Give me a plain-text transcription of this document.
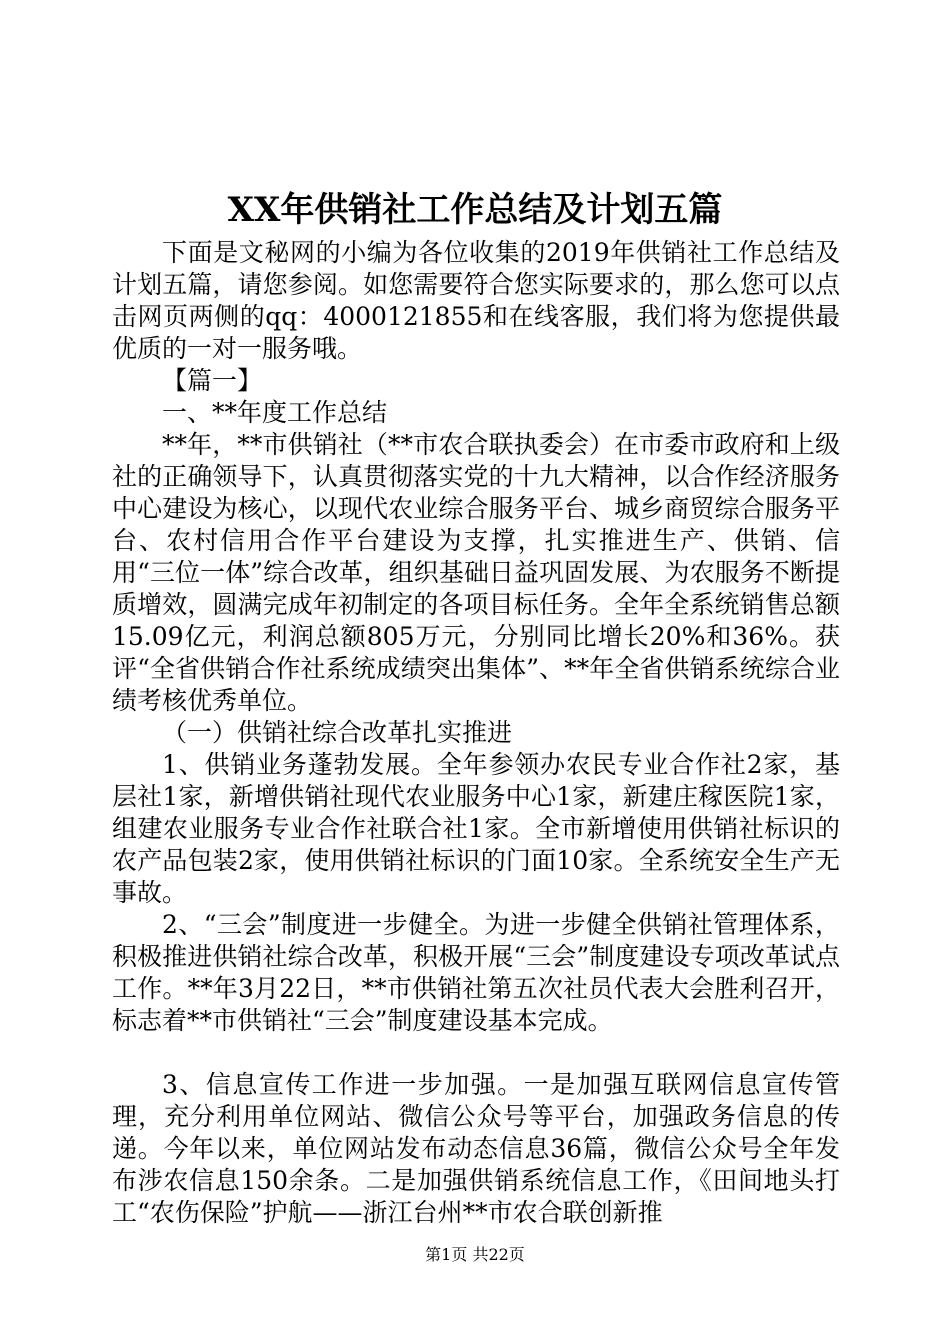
XX年供销社工作总结及计划五篇

下面是文秘网的小编为各位收集的2019年供销社工作总结及计划五篇，请您参阅。如您需要符合您实际要求的，那么您可以点击网页两侧的qq：4000121855和在线客服，我们将为您提供最优质的一对一服务哦。

【篇一】

一、**年度工作总结

**年，**市供销社（**市农合联执委会）在市委市政府和上级社的正确领导下，认真贯彻落实党的十九大精神，以合作经济服务中心建设为核心，以现代农业综合服务平台、城乡商贸综合服务平台、农村信用合作平台建设为支撑，扎实推进生产、供销、信用“三位一体”综合改革，组织基础日益巩固发展、为农服务不断提质增效，圆满完成年初制定的各项目标任务。全年全系统销售总额15.09亿元，利润总额805万元，分别同比增长20%和36%。获评“全省供销合作社系统成绩突出集体”、**年全省供销系统综合业绩考核优秀单位。

（一）供销社综合改革扎实推进

1、供销业务蓬勃发展。全年参领办农民专业合作社2家，基层社1家，新增供销社现代农业服务中心1家，新建庄稼医院1家，组建农业服务专业合作社联合社1家。全市新增使用供销社标识的农产品包装2家，使用供销社标识的门面10家。全系统安全生产无事故。

2、“三会”制度进一步健全。为进一步健全供销社管理体系，积极推进供销社综合改革，积极开展“三会”制度建设专项改革试点工作。**年3月22日，**市供销社第五次社员代表大会胜利召开，标志着**市供销社“三会”制度建设基本完成。

3、信息宣传工作进一步加强。一是加强互联网信息宣传管理，充分利用单位网站、微信公众号等平台，加强政务信息的传递。今年以来，单位网站发布动态信息36篇，微信公众号全年发布涉农信息150余条。二是加强供销系统信息工作，《田间地头打工“农伤保险”护航——浙江台州**市农合联创新推

第1页 共22页
